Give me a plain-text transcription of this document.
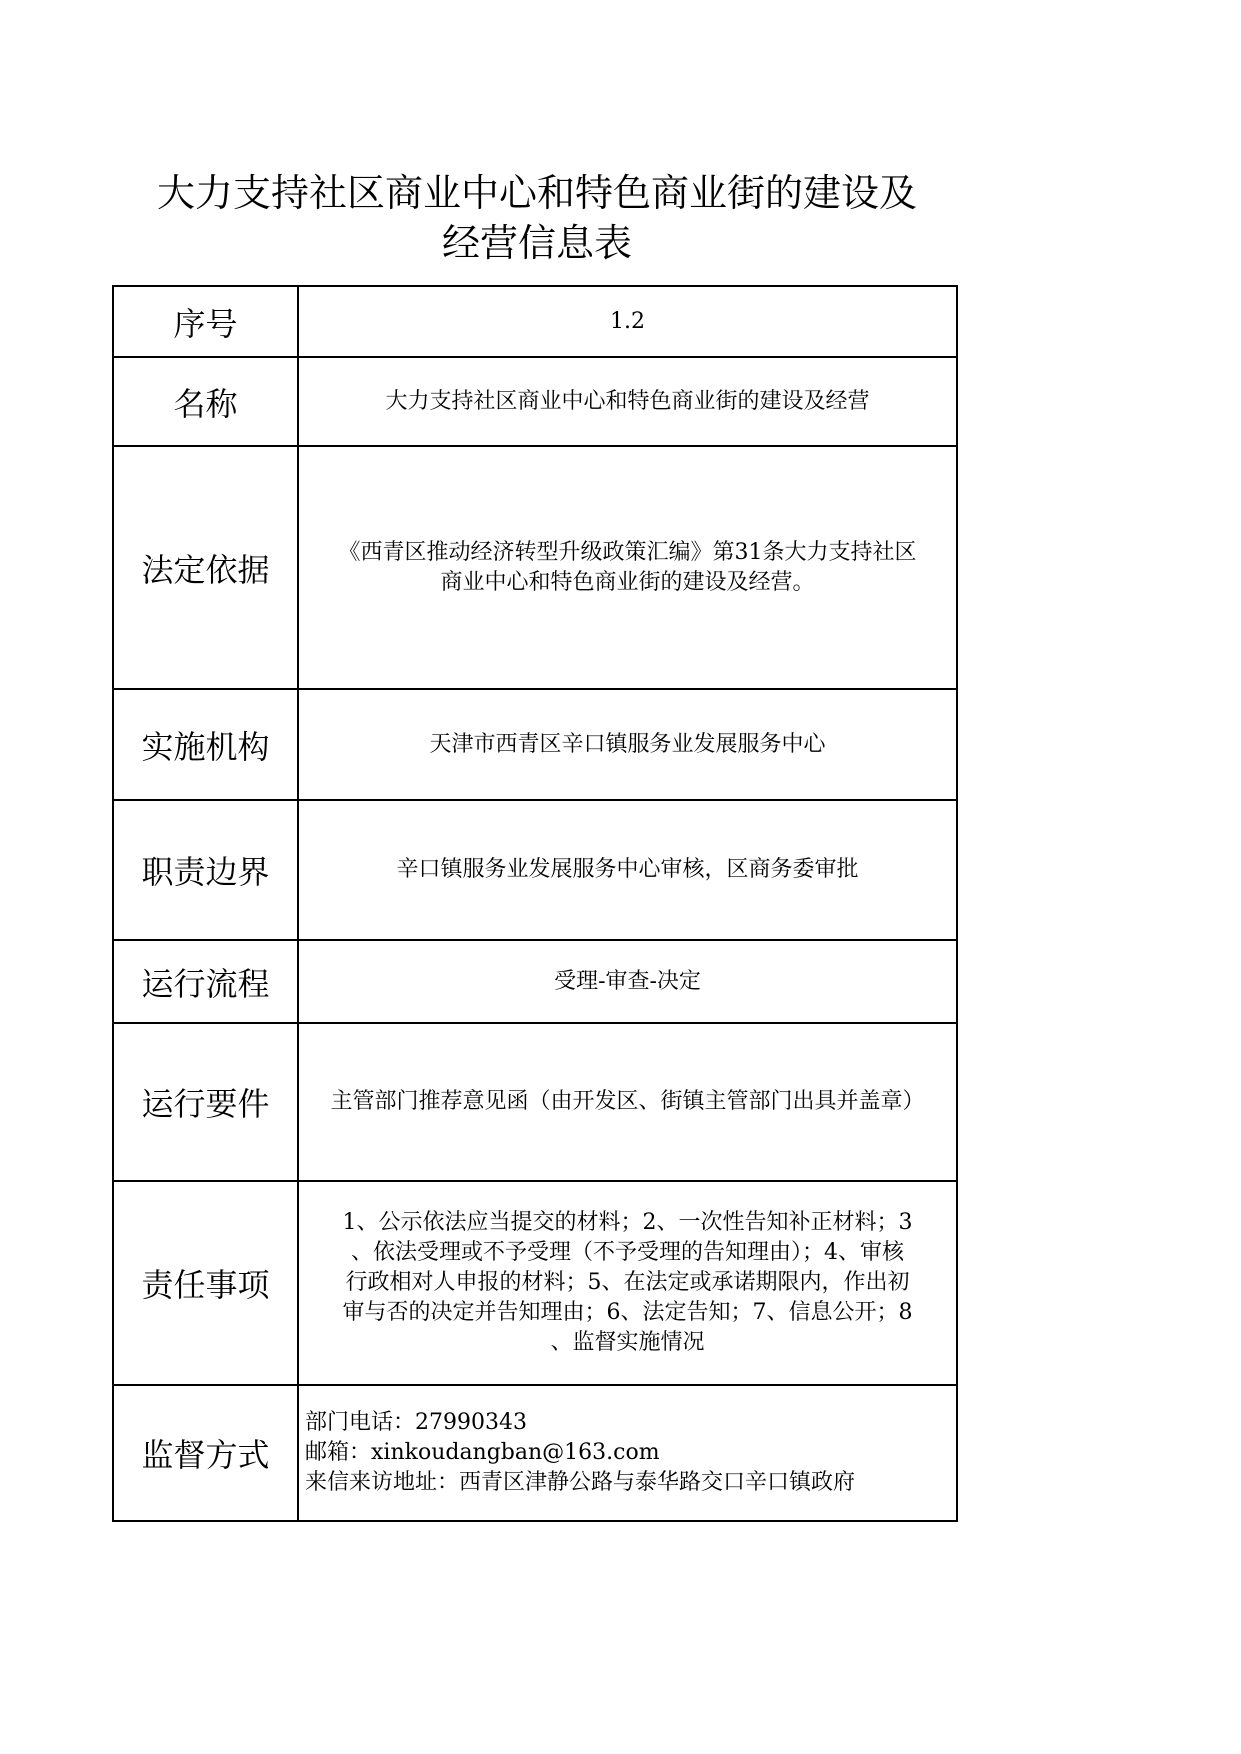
大力支持社区商业中心和特色商业街的建设及
经营信息表
序号	1.2
名称	大力支持社区商业中心和特色商业街的建设及经营
法定依据	《西青区推动经济转型升级政策汇编》第31条大力支持社区
商业中心和特色商业街的建设及经营。

实施机构	天津市西青区辛口镇服务业发展服务中心
职责边界	辛口镇服务业发展服务中心审核，区商务委审批
运行流程	受理-审查-决定
运行要件	主管部门推荐意见函（由开发区、街镇主管部门出具并盖章）
责任事项	1、公示依法应当提交的材料；2、一次性告知补正材料；3
、依法受理或不予受理（不予受理的告知理由）；4、审核
行政相对人申报的材料；5、在法定或承诺期限内，作出初
审与否的决定并告知理由；6、法定告知；7、信息公开；8
、监督实施情况

监督方式	部门电话：27990343
邮箱：xinkoudangban@163.com
来信来访地址：西青区津静公路与泰华路交口辛口镇政府
